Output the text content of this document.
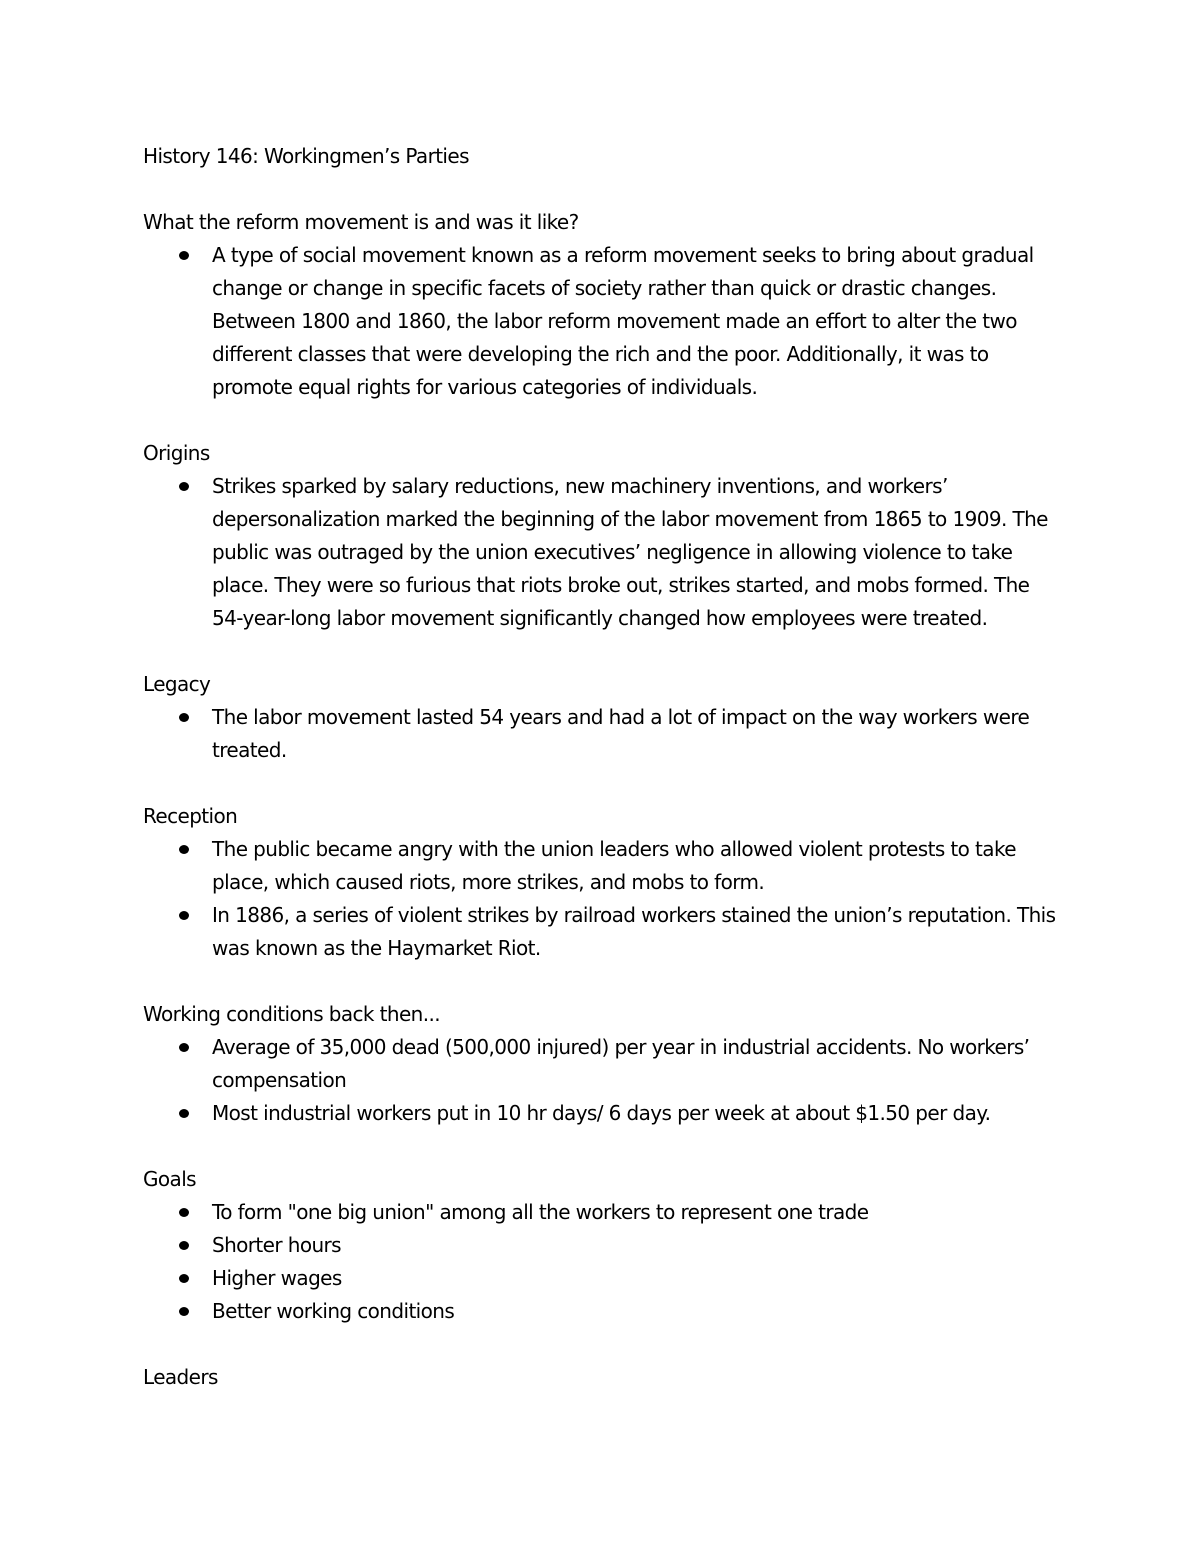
History 146: Workingmen’s Parties
What the reform movement is and was it like?
A type of social movement known as a reform movement seeks to bring about gradual change or change in specific facets of society rather than quick or drastic changes. Between 1800 and 1860, the labor reform movement made an effort to alter the two different classes that were developing the rich and the poor. Additionally, it was to promote equal rights for various categories of individuals.
Origins
Strikes sparked by salary reductions, new machinery inventions, and workers’ depersonalization marked the beginning of the labor movement from 1865 to 1909. The public was outraged by the union executives’ negligence in allowing violence to take place. They were so furious that riots broke out, strikes started, and mobs formed. The 54-year-long labor movement significantly changed how employees were treated.
Legacy
The labor movement lasted 54 years and had a lot of impact on the way workers were treated.
Reception
The public became angry with the union leaders who allowed violent protests to take place, which caused riots, more strikes, and mobs to form.
In 1886, a series of violent strikes by railroad workers stained the union’s reputation. This was known as the Haymarket Riot.
Working conditions back then...
Average of 35,000 dead (500,000 injured) per year in industrial accidents. No workers’ compensation
Most industrial workers put in 10 hr days/ 6 days per week at about $1.50 per day.
Goals
To form "one big union" among all the workers to represent one trade
Shorter hours
Higher wages
Better working conditions
Leaders
